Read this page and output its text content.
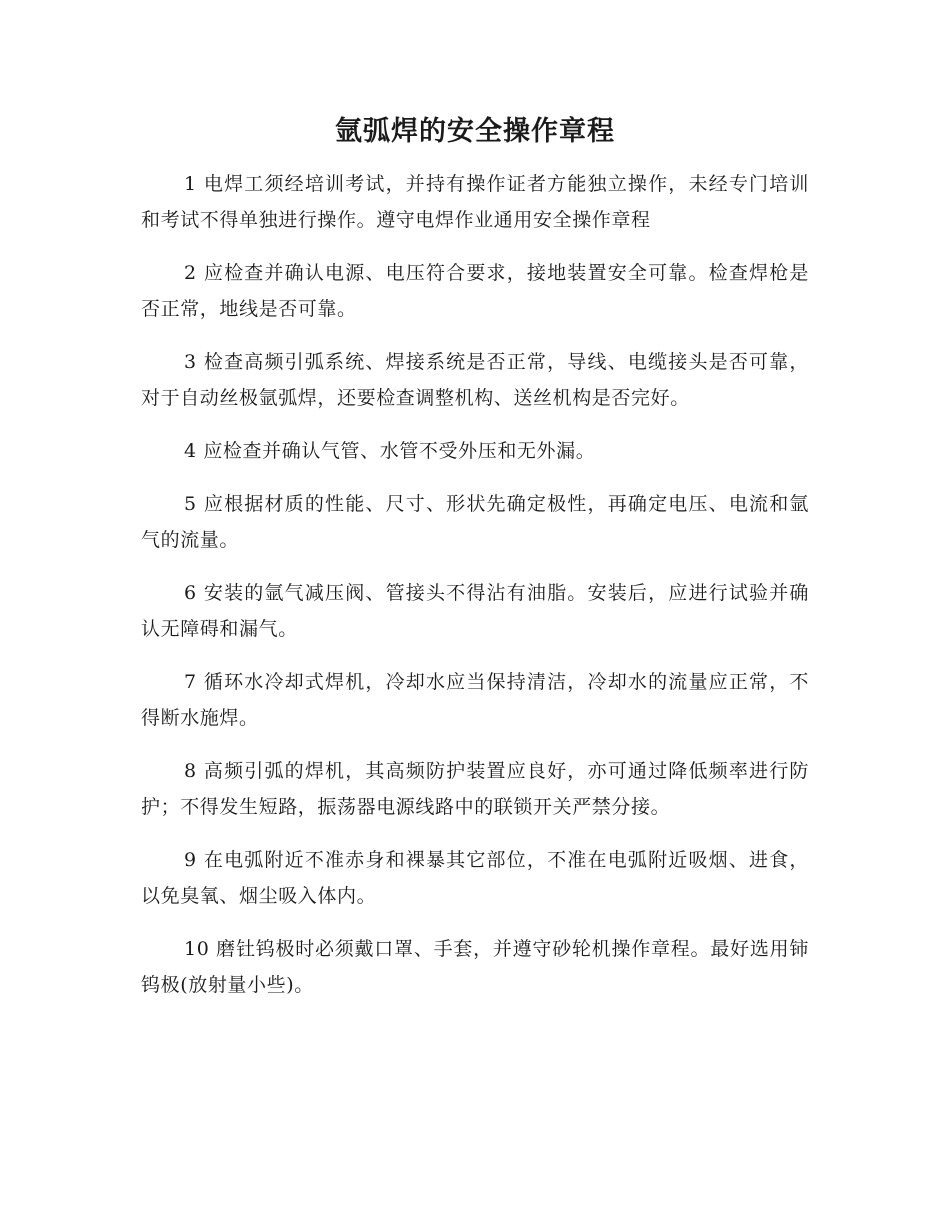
氩弧焊的安全操作章程

1 电焊工须经培训考试，并持有操作证者方能独立操作，未经专门培训和考试不得单独进行操作。遵守电焊作业通用安全操作章程

2 应检查并确认电源、电压符合要求，接地装置安全可靠。检查焊枪是否正常，地线是否可靠。

3 检查高频引弧系统、焊接系统是否正常，导线、电缆接头是否可靠，对于自动丝极氩弧焊，还要检查调整机构、送丝机构是否完好。

4 应检查并确认气管、水管不受外压和无外漏。

5 应根据材质的性能、尺寸、形状先确定极性，再确定电压、电流和氩气的流量。

6 安装的氩气减压阀、管接头不得沾有油脂。安装后，应进行试验并确认无障碍和漏气。

7 循环水冷却式焊机，冷却水应当保持清洁，冷却水的流量应正常，不得断水施焊。

8 高频引弧的焊机，其高频防护装置应良好，亦可通过降低频率进行防护；不得发生短路，振荡器电源线路中的联锁开关严禁分接。

9 在电弧附近不准赤身和裸暴其它部位，不准在电弧附近吸烟、进食，以免臭氧、烟尘吸入体内。

10 磨钍钨极时必须戴口罩、手套，并遵守砂轮机操作章程。最好选用铈钨极(放射量小些)。
